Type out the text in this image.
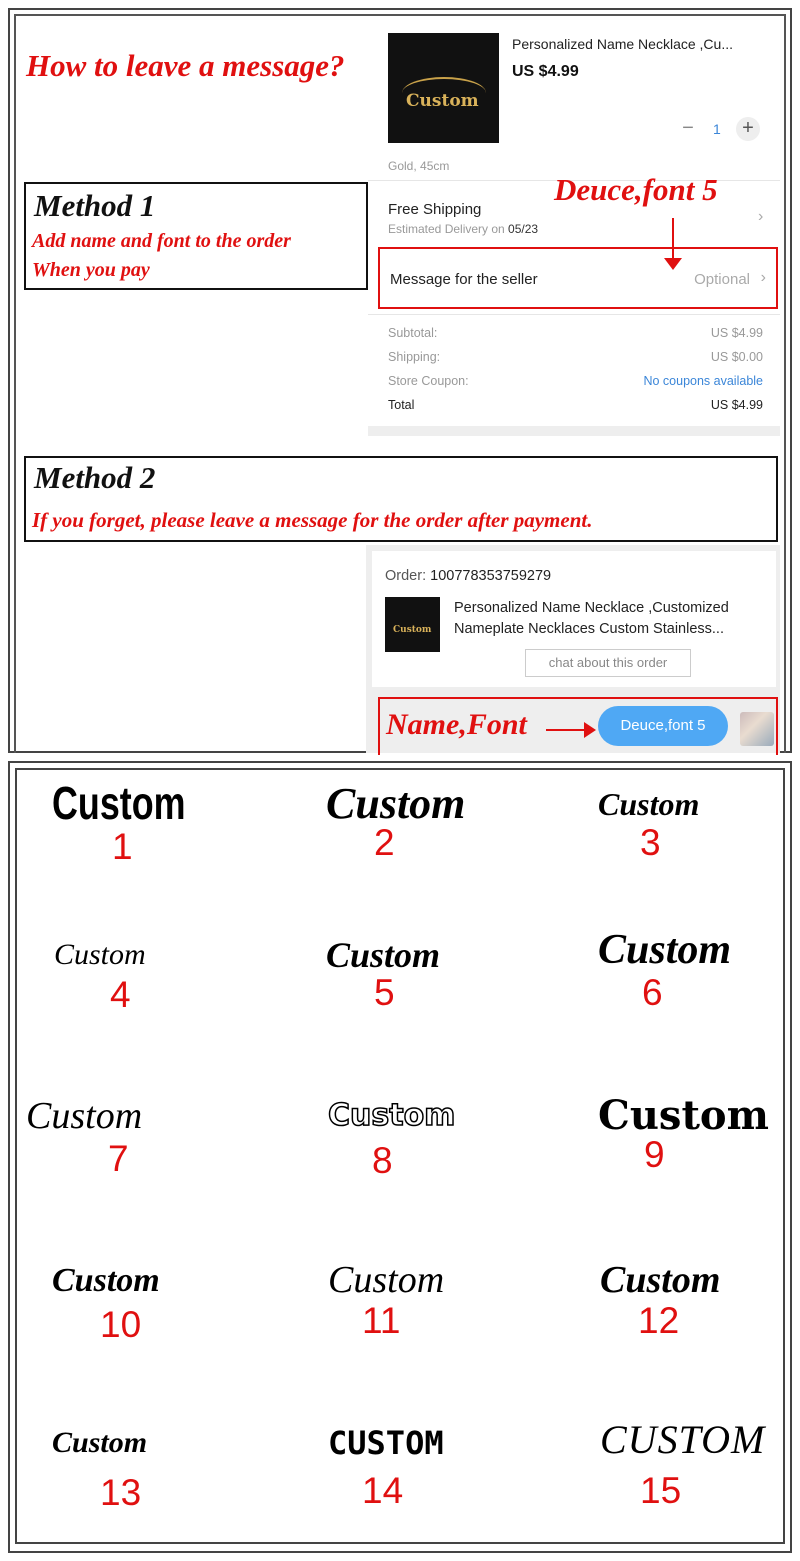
How to leave a message?
Method 1
Add name and font to the order
When you pay
Custom
Personalized Name Necklace ,Cu...
US $4.99
−	1	+
Gold, 45cm
Free Shipping
Estimated Delivery on 05/23
›
Deuce,font 5
Message for the seller	Optional ›
Subtotal:	US $4.99
Shipping:	US $0.00
Store Coupon:	No coupons available
Total	US $4.99
Method 2
If you forget, please leave a message for the order after payment.
Order: 100778353759279
Custom
Personalized Name Necklace ,Customized Nameplate Necklaces Custom Stainless...
chat about this order
Name,Font	Deuce,font 5
Custom
1
Custom
2
Custom
3
Custom
4
Custom
5
Custom
6
Custom
7
Custom
8
Custom
9
Custom
10
Custom
11
Custom
12
Custom
13
CUSTOM
14
CUSTOM
15
